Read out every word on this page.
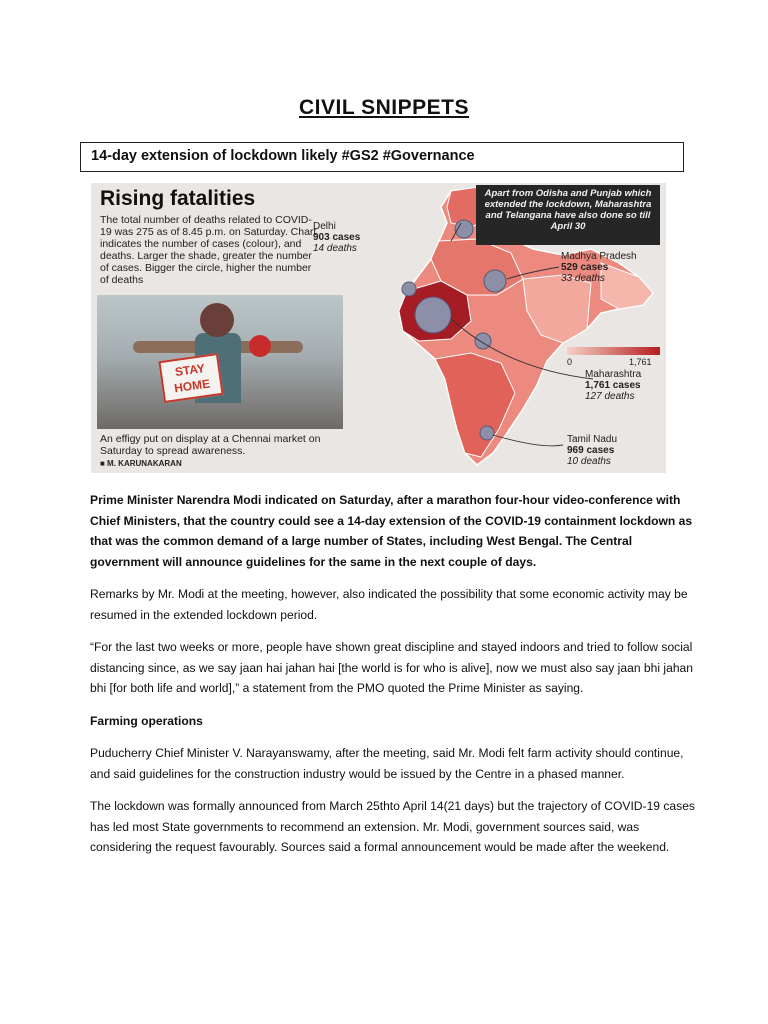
CIVIL SNIPPETS
14-day extension of lockdown likely #GS2 #Governance
Rising fatalities
The total number of deaths related to COVID-19 was 275 as of 8.45 p.m. on Saturday. Chart indicates the number of cases (colour), and deaths. Larger the shade, greater the number of cases. Bigger the circle, higher the number of deaths
STAY HOME
An effigy put on display at a Chennai market on Saturday to spread awareness.
■ M. KARUNAKARAN
Delhi
903 cases
14 deaths
Madhya Pradesh
529 cases
33 deaths
Maharashtra
1,761 cases
127 deaths
Tamil Nadu
969 cases
10 deaths
Apart from Odisha and Punjab which extended the lockdown, Maharashtra and Telangana have also done so till April 30
0	1,761

Prime Minister Narendra Modi indicated on Saturday, after a marathon four-hour video-conference with Chief Ministers, that the country could see a 14-day extension of the COVID-19 containment lockdown as that was the common demand of a large number of States, including West Bengal. The Central government will announce guidelines for the same in the next couple of days.

Remarks by Mr. Modi at the meeting, however, also indicated the possibility that some economic activity may be resumed in the extended lockdown period.

“For the last two weeks or more, people have shown great discipline and stayed indoors and tried to follow social distancing since, as we say jaan hai jahan hai [the world is for who is alive], now we must also say jaan bhi jahan bhi [for both life and world],” a statement from the PMO quoted the Prime Minister as saying.

Farming operations

Puducherry Chief Minister V. Narayanswamy, after the meeting, said Mr. Modi felt farm activity should continue, and said guidelines for the construction industry would be issued by the Centre in a phased manner.

The lockdown was formally announced from March 25thto April 14(21 days) but the trajectory of COVID-19 cases has led most State governments to recommend an extension. Mr. Modi, government sources said, was considering the request favourably. Sources said a formal announcement would be made after the weekend.
